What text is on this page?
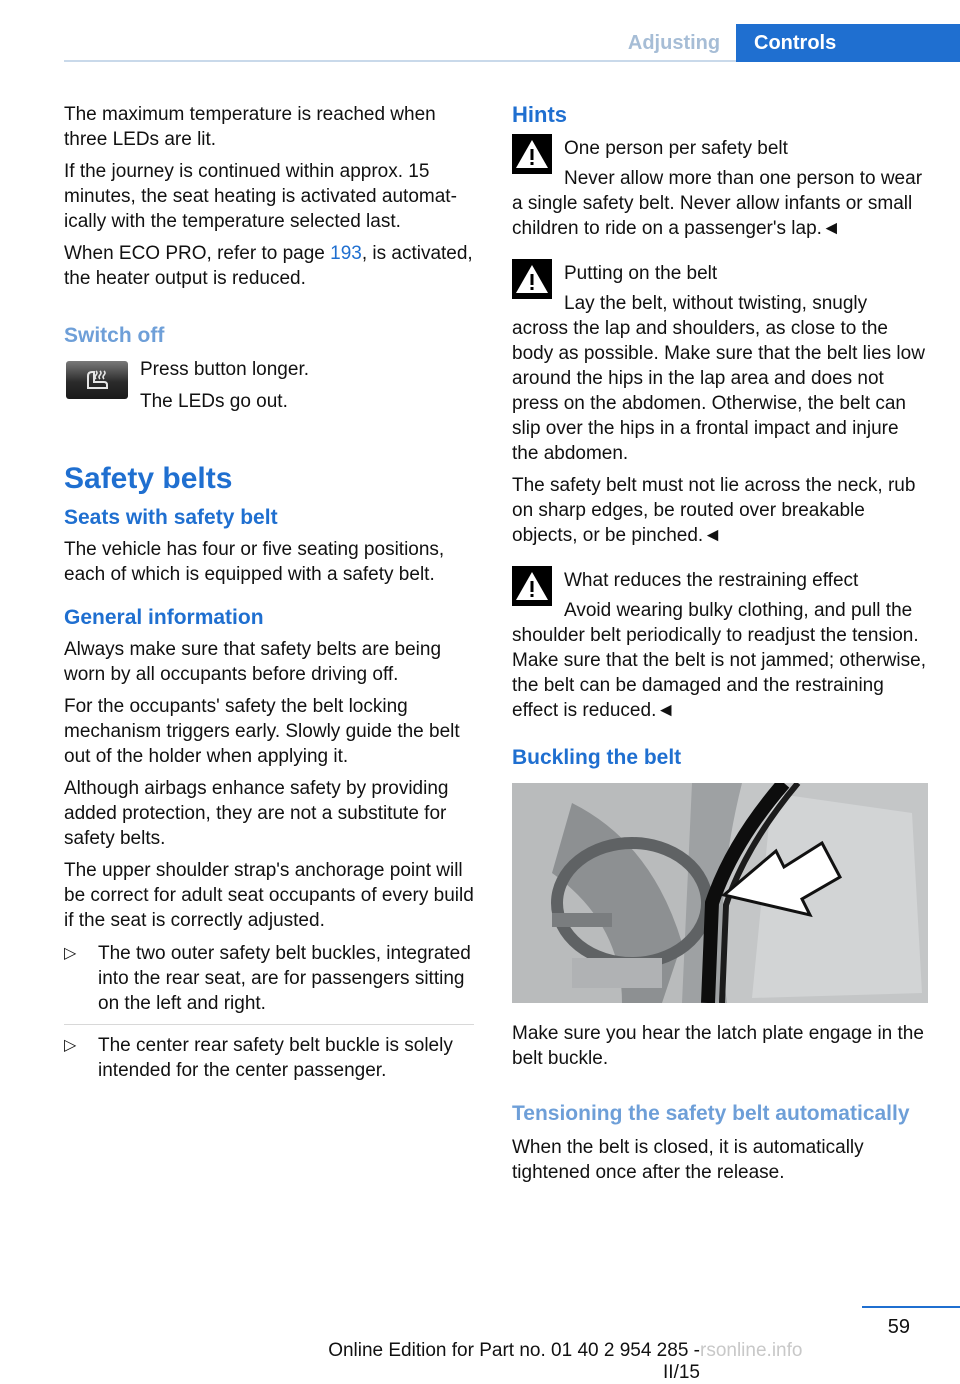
Adjusting	Controls

The maximum temperature is reached when three LEDs are lit.

If the journey is continued within approx. 15 minutes, the seat heating is activated automatically with the temperature selected last.

When ECO PRO, refer to page 193, is activated, the heater output is reduced.

Switch off

Press button longer.

The LEDs go out.

Safety belts
Seats with safety belt

The vehicle has four or five seating positions, each of which is equipped with a safety belt.

General information

Always make sure that safety belts are being worn by all occupants before driving off.

For the occupants' safety the belt locking mechanism triggers early. Slowly guide the belt out of the holder when applying it.

Although airbags enhance safety by providing added protection, they are not a substitute for safety belts.

The upper shoulder strap's anchorage point will be correct for adult seat occupants of every build if the seat is correctly adjusted.

▷ The two outer safety belt buckles, integrated into the rear seat, are for passengers sitting on the left and right.
▷ The center rear safety belt buckle is solely intended for the center passenger.
Hints
One person per safety belt

Never allow more than one person to wear a single safety belt. Never allow infants or small children to ride on a passenger's lap.◄

Putting on the belt

Lay the belt, without twisting, snugly across the lap and shoulders, as close to the body as possible. Make sure that the belt lies low around the hips in the lap area and does not press on the abdomen. Otherwise, the belt can slip over the hips in a frontal impact and injure the abdomen.

The safety belt must not lie across the neck, rub on sharp edges, be routed over breakable objects, or be pinched.◄

What reduces the restraining effect

Avoid wearing bulky clothing, and pull the shoulder belt periodically to readjust the tension. Make sure that the belt is not jammed; otherwise, the belt can be damaged and the restraining effect is reduced.◄

Buckling the belt

Make sure you hear the latch plate engage in the belt buckle.

Tensioning the safety belt automatically

When the belt is closed, it is automatically tightened once after the release.

59
Online Edition for Part no. 01 40 2 954 285 - II/15
rsonline.info
